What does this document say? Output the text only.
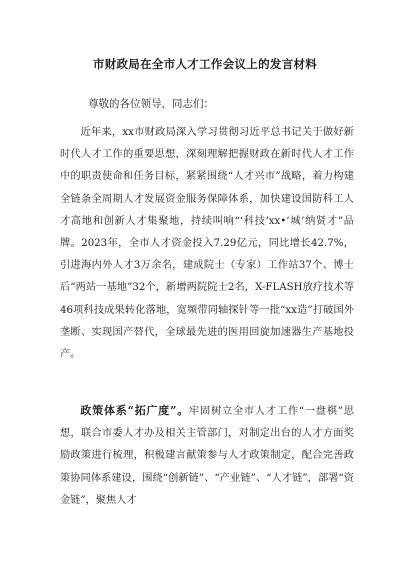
市财政局在全市人才工作会议上的发言材料
尊敬的各位领导，同志们：
近年来，xx市财政局深入学习贯彻习近平总书记关于做好新时代人才工作的重要思想，深刻理解把握财政在新时代人才工作中的职责使命和任务目标，紧紧围绕“人才兴市”战略，着力构建全链条全周期人才发展资金服务保障体系，加快建设国防科工人才高地和创新人才集聚地，持续叫响“‘科技’xx•‘城’纳贤才”品牌。2023年，全市人才资金投入7.29亿元，同比增长42.7%，引进海内外人才3万余名，建成院士（专家）工作站37个、博士后“两站一基地”32个，新增两院院士2名，X-FLASH放疗技术等46项科技成果转化落地，宽频带同轴探针等一批“xx造”打破国外垄断、实现国产替代，全球最先进的医用回旋加速器生产基地投产。
政策体系“拓广度”。牢固树立全市人才工作“一盘棋”思想，联合市委人才办及相关主管部门，对制定出台的人才方面奖励政策进行梳理，积极建言献策参与人才政策制定，配合完善政策协同体系建设，围绕“创新链”、“产业链”、“人才链”，部署“资金链”，聚焦人才
